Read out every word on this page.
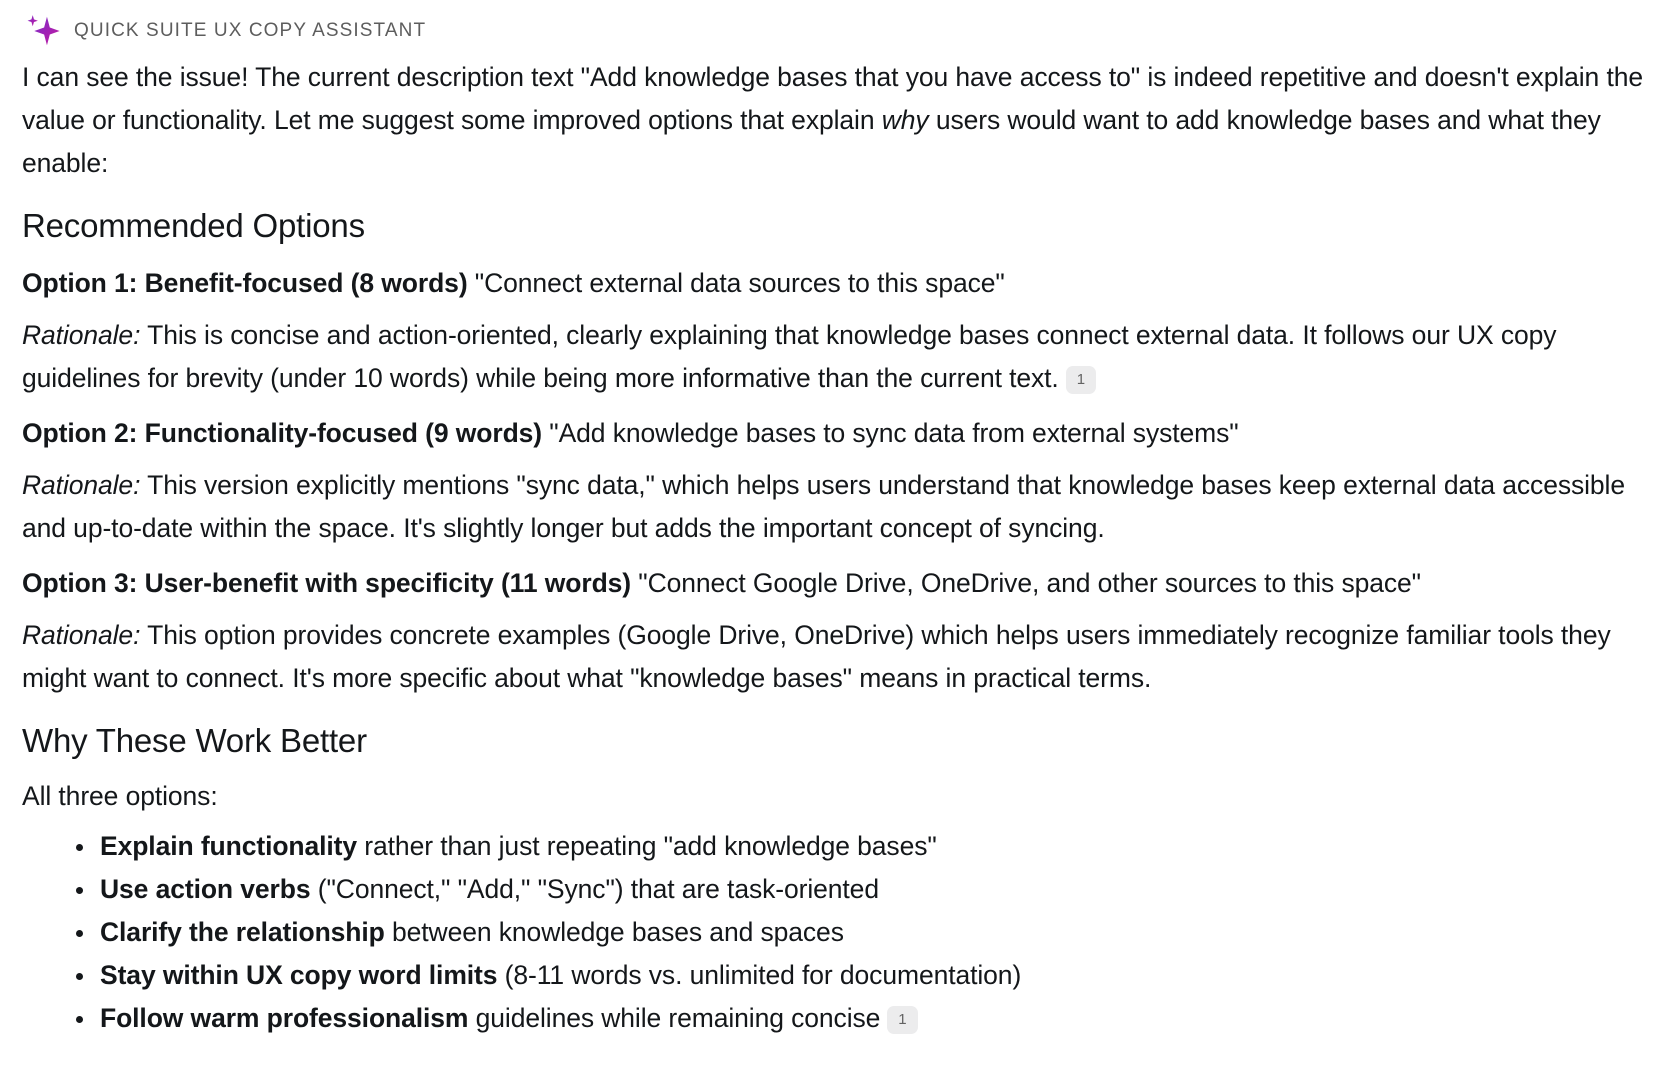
QUICK SUITE UX COPY ASSISTANT

I can see the issue! The current description text "Add knowledge bases that you have access to" is indeed repetitive and doesn't explain the value or functionality. Let me suggest some improved options that explain why users would want to add knowledge bases and what they enable:

Recommended Options

Option 1: Benefit-focused (8 words) "Connect external data sources to this space"

Rationale: This is concise and action-oriented, clearly explaining that knowledge bases connect external data. It follows our UX copy guidelines for brevity (under 10 words) while being more informative than the current text. 1

Option 2: Functionality-focused (9 words) "Add knowledge bases to sync data from external systems"

Rationale: This version explicitly mentions "sync data," which helps users understand that knowledge bases keep external data accessible and up-to-date within the space. It's slightly longer but adds the important concept of syncing.

Option 3: User-benefit with specificity (11 words) "Connect Google Drive, OneDrive, and other sources to this space"

Rationale: This option provides concrete examples (Google Drive, OneDrive) which helps users immediately recognize familiar tools they might want to connect. It's more specific about what "knowledge bases" means in practical terms.

Why These Work Better

All three options:

Explain functionality rather than just repeating "add knowledge bases"
Use action verbs ("Connect," "Add," "Sync") that are task-oriented
Clarify the relationship between knowledge bases and spaces
Stay within UX copy word limits (8-11 words vs. unlimited for documentation)
Follow warm professionalism guidelines while remaining concise 1
